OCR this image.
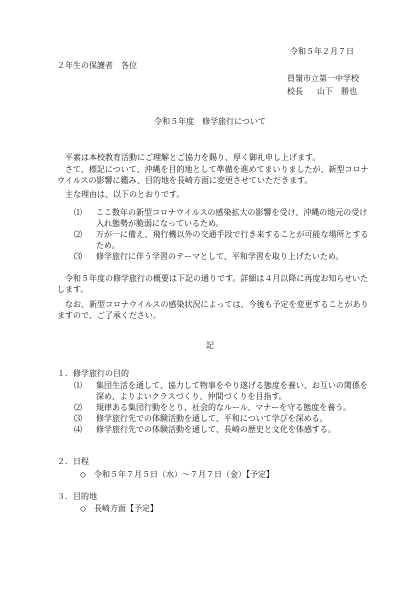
令和５年２月７日
２年生の保護者　各位
員嶺市立第一中学校
校長 山下　勝也
令和５年度　修学旅行について
　平素は本校教育活動にご理解とご協力を賜り、厚く御礼申し上げます。
　さて、標記について、沖縄を目的地として準備を進めてまいりましたが、新型コロナウイルスの影響に鑑み、目的地を長崎方面に変更させていただきます。
　主な理由は、以下のとおりです。
⑴	ここ数年の新型コロナウイルスの感染拡大の影響を受け、沖縄の地元の受け入れ態勢が脆弱になっているため。
⑵	万が一に備え、飛行機以外の交通手段で行き来することが可能な場所とするため。
⑶	修学旅行に伴う学習のテーマとして、平和学習を取り上げたいため。
　令和５年度の修学旅行の概要は下記の通りです。詳細は４月以降に再度お知らせいたします。
　なお、新型コロナウイルスの感染状況によっては、今後も予定を変更することがありますので、ご了承ください。
記
１．修学旅行の目的
⑴	集団生活を通して、協力して物事をやり遂げる態度を養い、お互いの関係を深め、よりよいクラスづくり、仲間づくりを目指す。
⑵	規律ある集団行動をとり、社会的なルール、マナーを守る態度を養う。
⑶	修学旅行先での体験活動を通して、平和について学びを深める。
⑷	修学旅行先での体験活動を通して、長崎の歴史と文化を体感する。
２．日程
◇ 令和５年７月５日（水）～７月７日（金）【予定】
３．目的地
◇ 長崎方面【予定】
